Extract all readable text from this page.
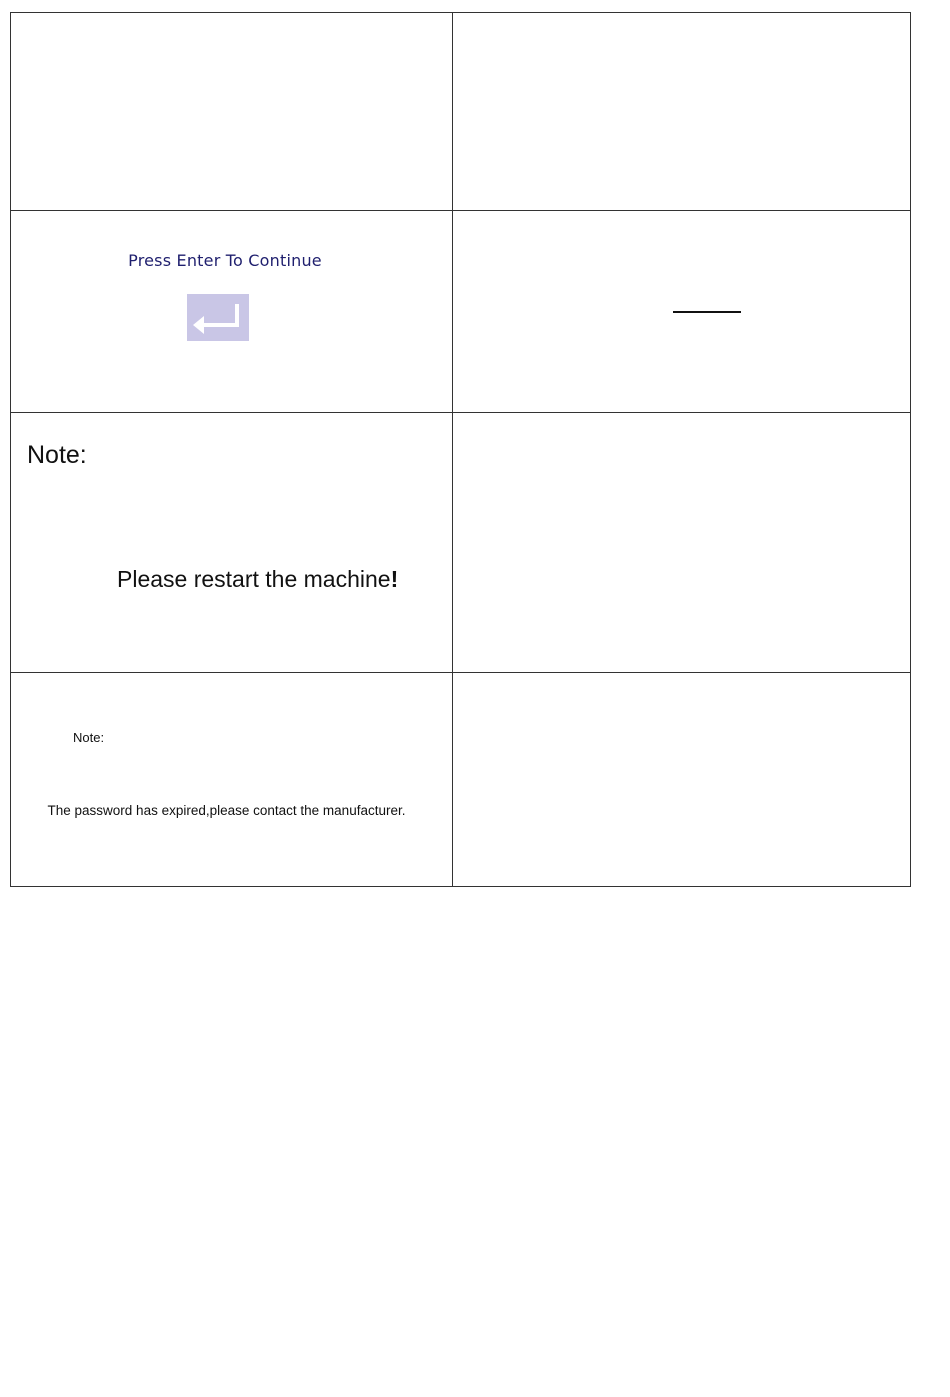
Press Enter To Continue
Note:
Please restart the machine!
Note:
The password has expired,please contact the manufacturer.
